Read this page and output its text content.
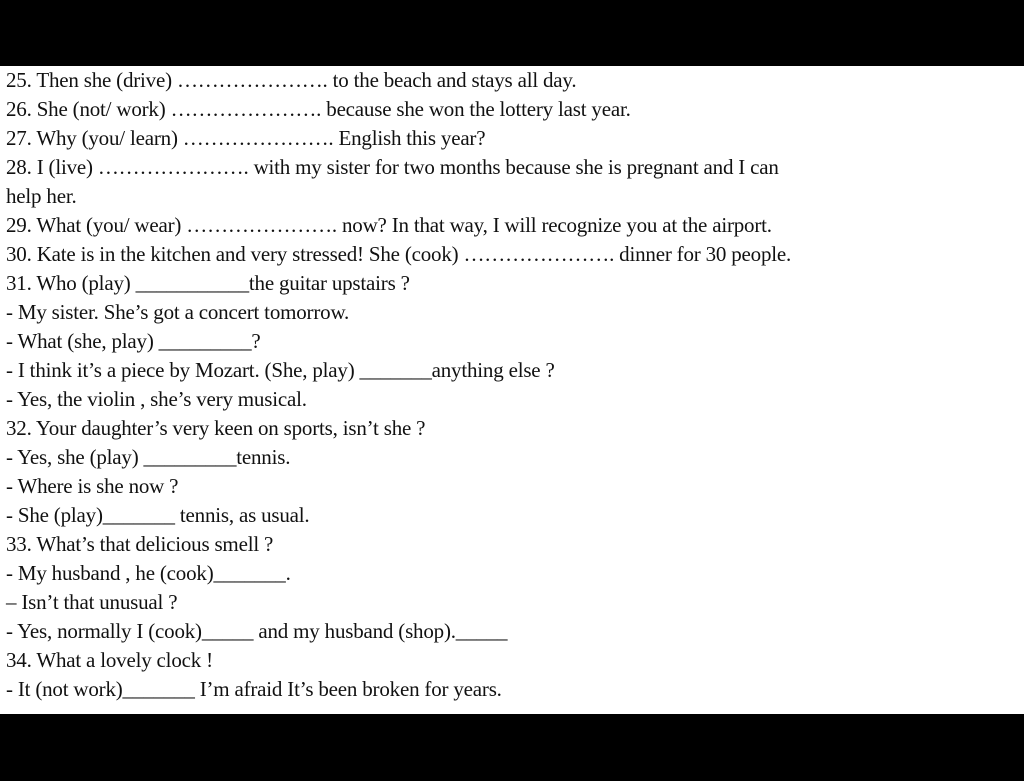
25. Then she (drive) …………………. to the beach and stays all day.
26. She (not/ work) …………………. because she won the lottery last year.
27. Why (you/ learn) …………………. English this year?
28. I (live) …………………. with my sister for two months because she is pregnant and I can
help her.
29. What (you/ wear) …………………. now? In that way, I will recognize you at the airport.
30. Kate is in the kitchen and very stressed! She (cook) …………………. dinner for 30 people.
31. Who (play) ___________the guitar upstairs ?
- My sister. She’s got a concert tomorrow.
- What (she, play) _________?
- I think it’s a piece by Mozart. (She, play) _______anything else ?
- Yes, the violin , she’s very musical.
32. Your daughter’s very keen on sports, isn’t she ?
- Yes, she (play) _________tennis.
- Where is she now ?
- She (play)_______ tennis, as usual.
33. What’s that delicious smell ?
- My husband , he (cook)_______.
– Isn’t that unusual ?
- Yes, normally I (cook)_____ and my husband (shop)._____
34. What a lovely clock !
- It (not work)_______ I’m afraid It’s been broken for years.
